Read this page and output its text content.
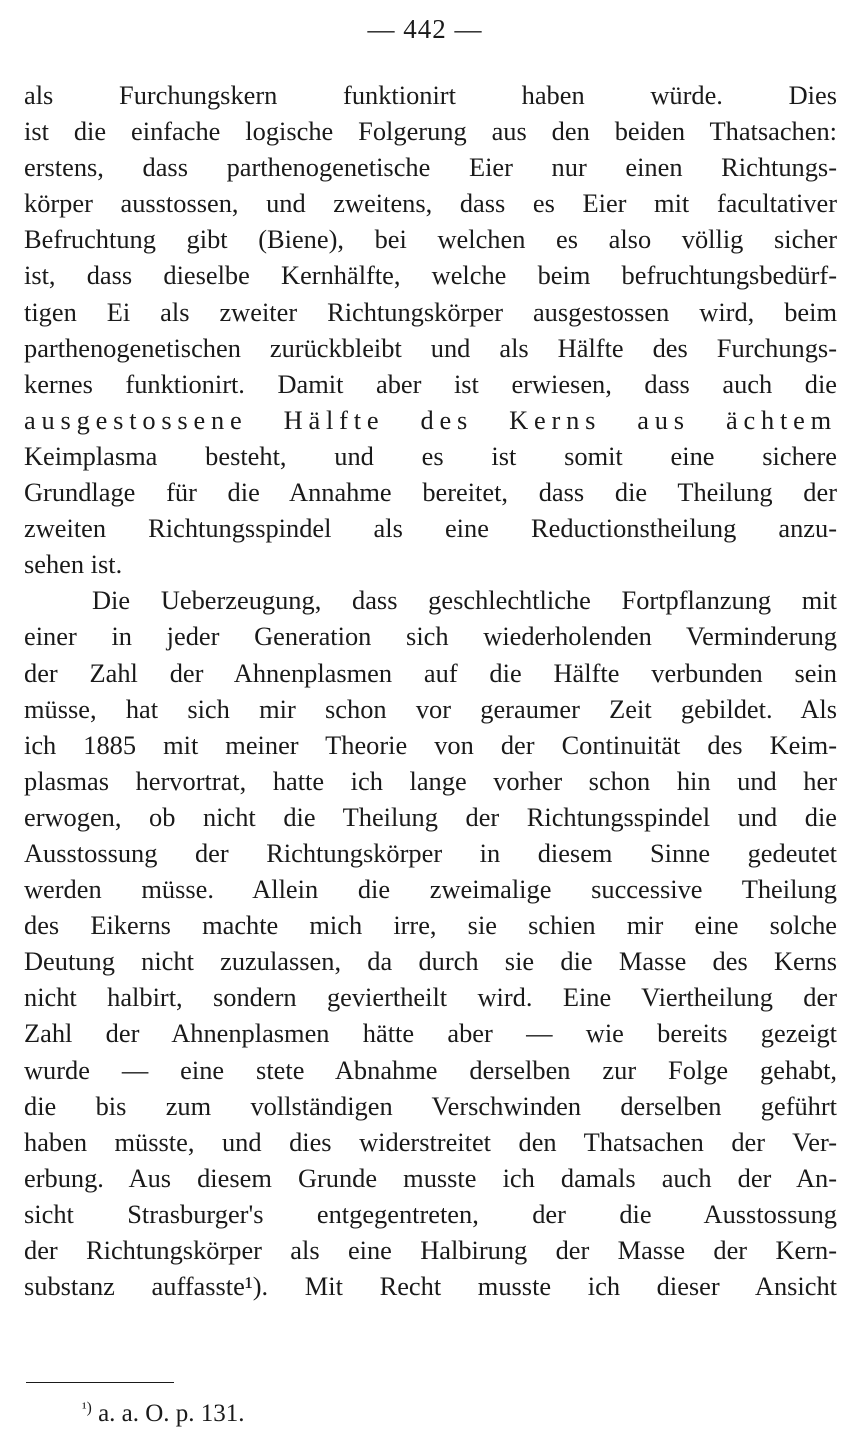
— 442 —
als Furchungskern funktionirt haben würde. Dies
ist die einfache logische Folgerung aus den beiden Thatsachen:
erstens, dass parthenogenetische Eier nur einen Richtungs-
körper ausstossen, und zweitens, dass es Eier mit facultativer
Befruchtung gibt (Biene), bei welchen es also völlig sicher
ist, dass dieselbe Kernhälfte, welche beim befruchtungsbedürf-
tigen Ei als zweiter Richtungskörper ausgestossen wird, beim
parthenogenetischen zurückbleibt und als Hälfte des Furchungs-
kernes funktionirt. Damit aber ist erwiesen, dass auch die
ausgestossene Hälfte des Kerns aus ächtem
Keimplasma besteht, und es ist somit eine sichere
Grundlage für die Annahme bereitet, dass die Theilung der
zweiten Richtungsspindel als eine Reductionstheilung anzu-
sehen ist.
Die Ueberzeugung, dass geschlechtliche Fortpflanzung mit
einer in jeder Generation sich wiederholenden Verminderung
der Zahl der Ahnenplasmen auf die Hälfte verbunden sein
müsse, hat sich mir schon vor geraumer Zeit gebildet. Als
ich 1885 mit meiner Theorie von der Continuität des Keim-
plasmas hervortrat, hatte ich lange vorher schon hin und her
erwogen, ob nicht die Theilung der Richtungsspindel und die
Ausstossung der Richtungskörper in diesem Sinne gedeutet
werden müsse. Allein die zweimalige successive Theilung
des Eikerns machte mich irre, sie schien mir eine solche
Deutung nicht zuzulassen, da durch sie die Masse des Kerns
nicht halbirt, sondern geviertheilt wird. Eine Viertheilung der
Zahl der Ahnenplasmen hätte aber — wie bereits gezeigt
wurde — eine stete Abnahme derselben zur Folge gehabt,
die bis zum vollständigen Verschwinden derselben geführt
haben müsste, und dies widerstreitet den Thatsachen der Ver-
erbung. Aus diesem Grunde musste ich damals auch der An-
sicht Strasburger's entgegentreten, der die Ausstossung
der Richtungskörper als eine Halbirung der Masse der Kern-
substanz auffasste¹). Mit Recht musste ich dieser Ansicht
$^{^1)}$ a. a. O. p. 131.
